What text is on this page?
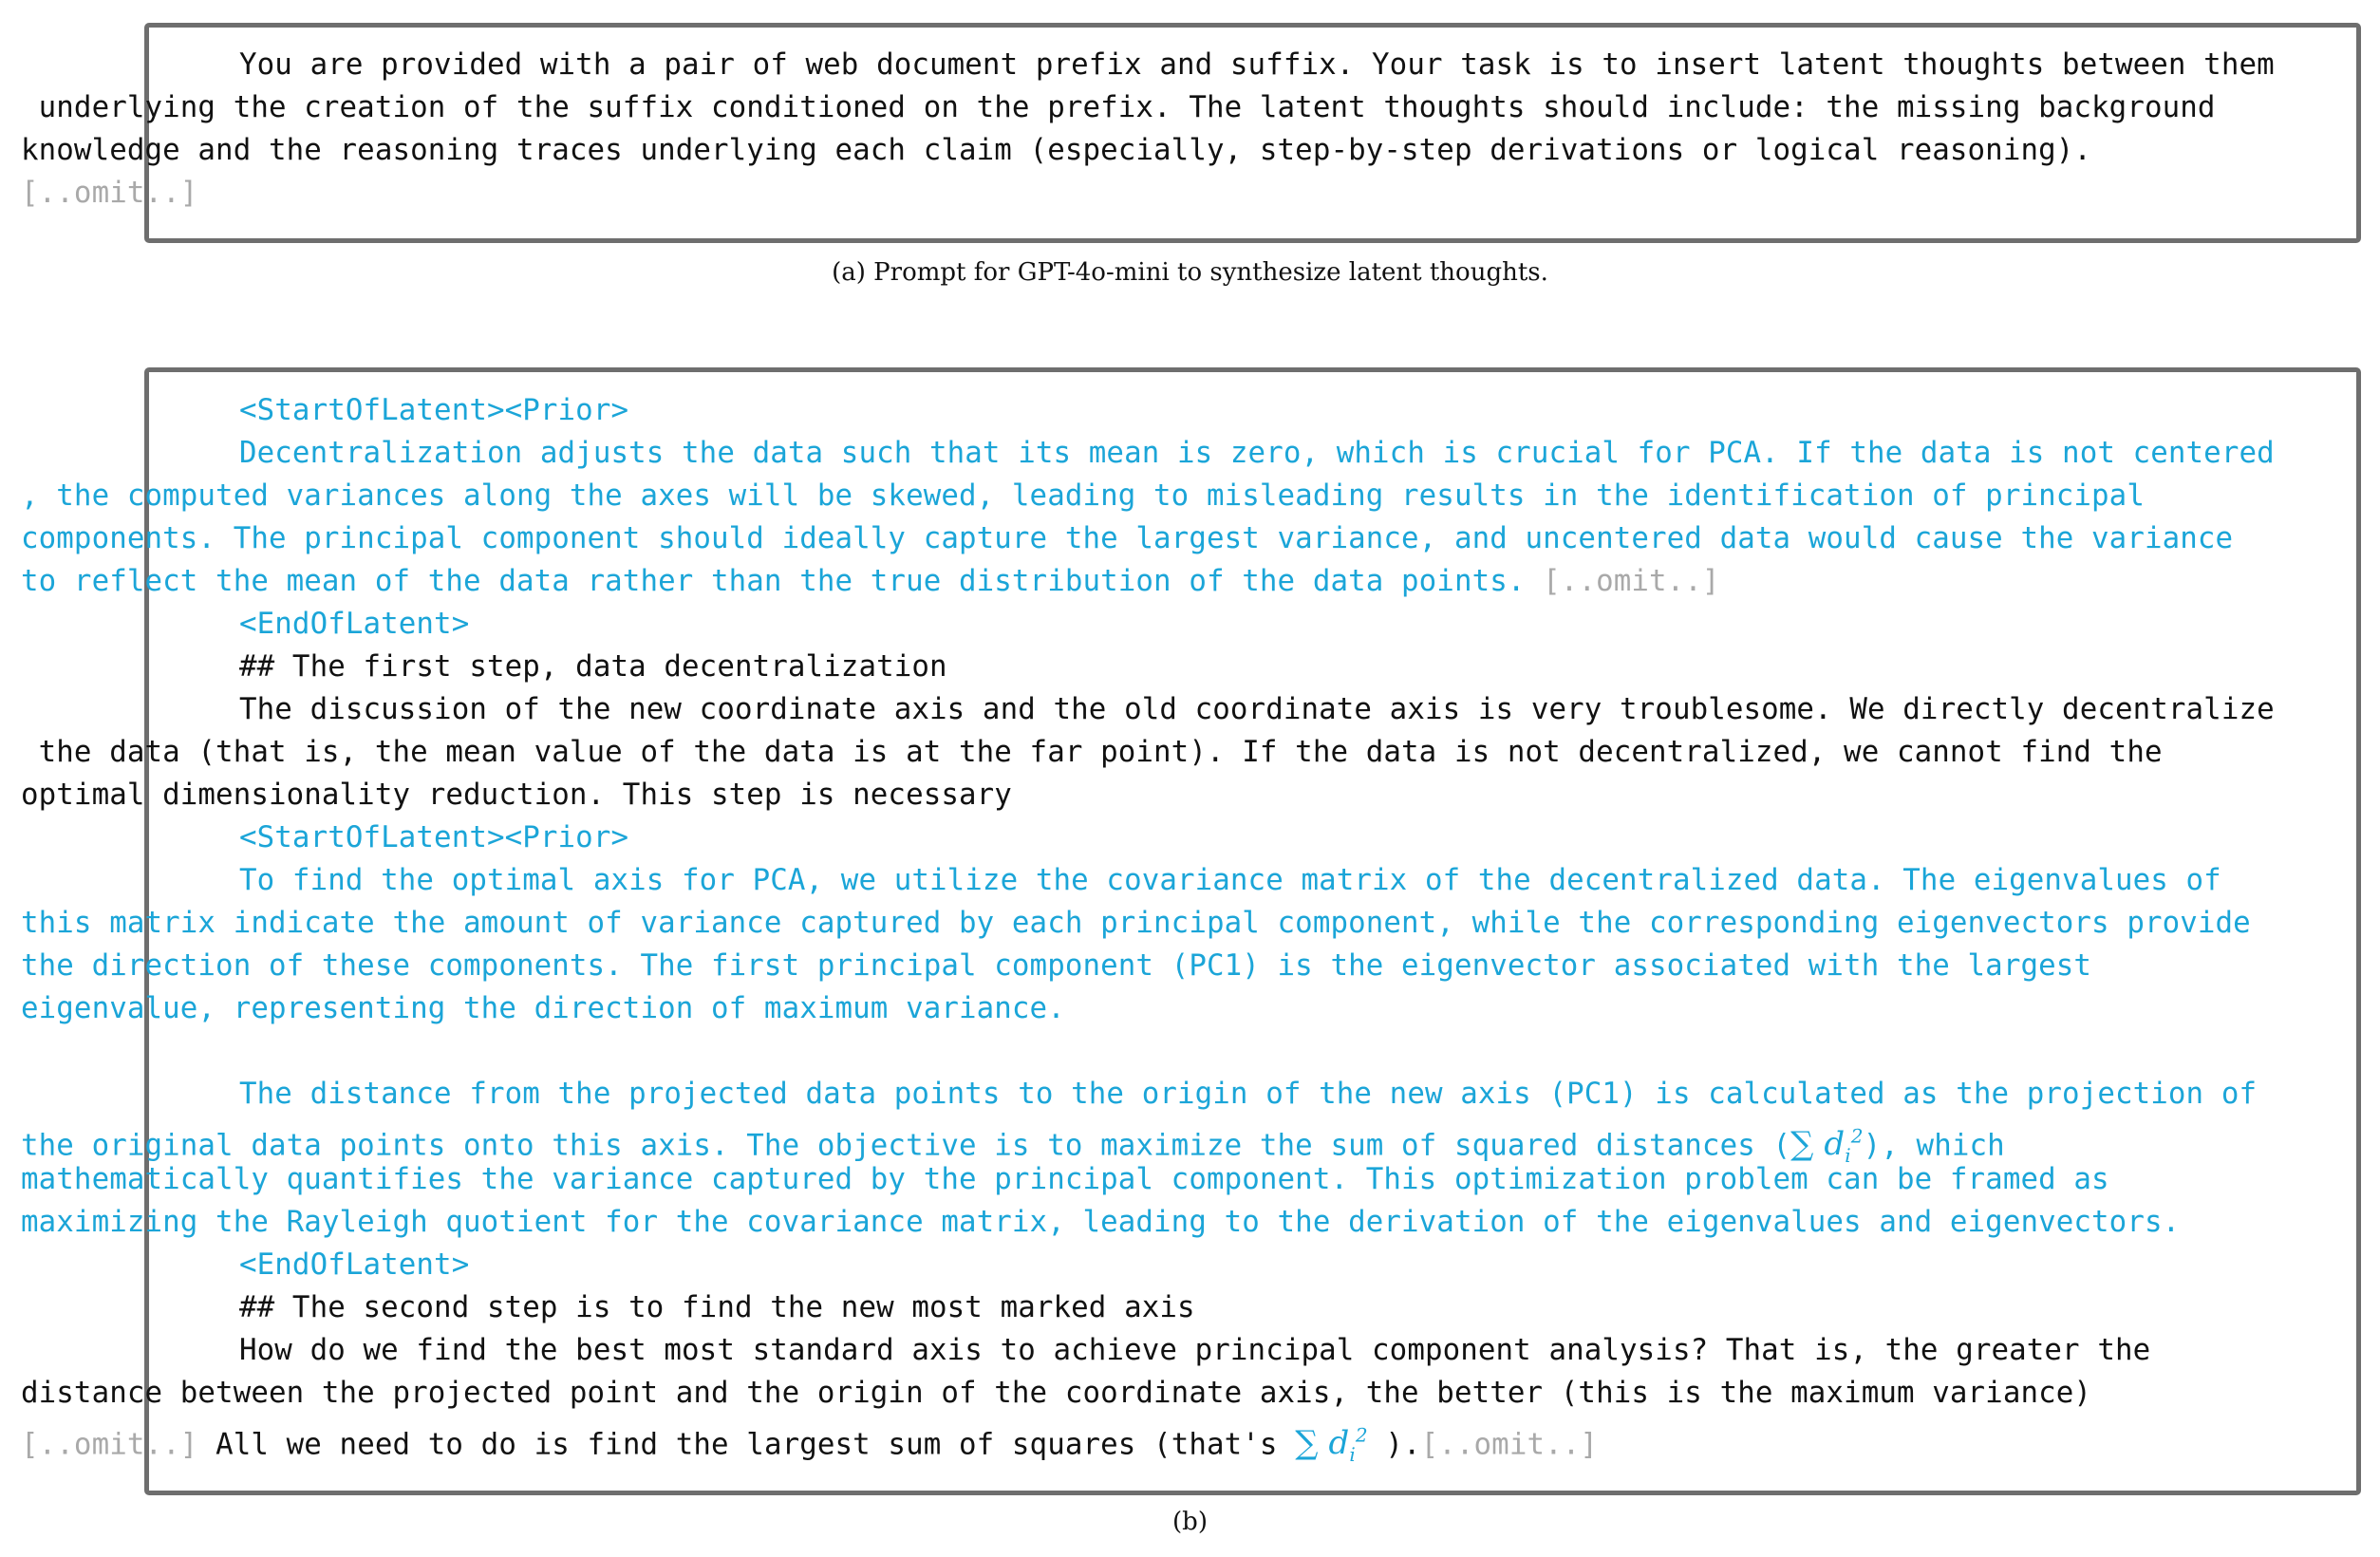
You are provided with a pair of web document prefix and suffix. Your task is to insert latent thoughts between them
underlying the creation of the suffix conditioned on the prefix. The latent thoughts should include: the missing background
knowledge and the reasoning traces underlying each claim (especially, step-by-step derivations or logical reasoning).
[..omit..]
(a) Prompt for GPT-4o-mini to synthesize latent thoughts.
<StartOfLatent><Prior>
Decentralization adjusts the data such that its mean is zero, which is crucial for PCA. If the data is not centered
, the computed variances along the axes will be skewed, leading to misleading results in the identification of principal
components. The principal component should ideally capture the largest variance, and uncentered data would cause the variance
to reflect the mean of the data rather than the true distribution of the data points. [..omit..]
<EndOfLatent>
## The first step, data decentralization
The discussion of the new coordinate axis and the old coordinate axis is very troublesome. We directly decentralize
the data (that is, the mean value of the data is at the far point). If the data is not decentralized, we cannot find the
optimal dimensionality reduction. This step is necessary
<StartOfLatent><Prior>
To find the optimal axis for PCA, we utilize the covariance matrix of the decentralized data. The eigenvalues of
this matrix indicate the amount of variance captured by each principal component, while the corresponding eigenvectors provide
the direction of these components. The first principal component (PC1) is the eigenvector associated with the largest
eigenvalue, representing the direction of maximum variance.
The distance from the projected data points to the origin of the new axis (PC1) is calculated as the projection of
the original data points onto this axis. The objective is to maximize the sum of squared distances (∑ $d_i^2$), which
mathematically quantifies the variance captured by the principal component. This optimization problem can be framed as
maximizing the Rayleigh quotient for the covariance matrix, leading to the derivation of the eigenvalues and eigenvectors.
<EndOfLatent>
## The second step is to find the new most marked axis
How do we find the best most standard axis to achieve principal component analysis? That is, the greater the
distance between the projected point and the origin of the coordinate axis, the better (this is the maximum variance)
[..omit..] All we need to do is find the largest sum of squares (that's ∑ $d_i^2$ ).[..omit..]
(b)
